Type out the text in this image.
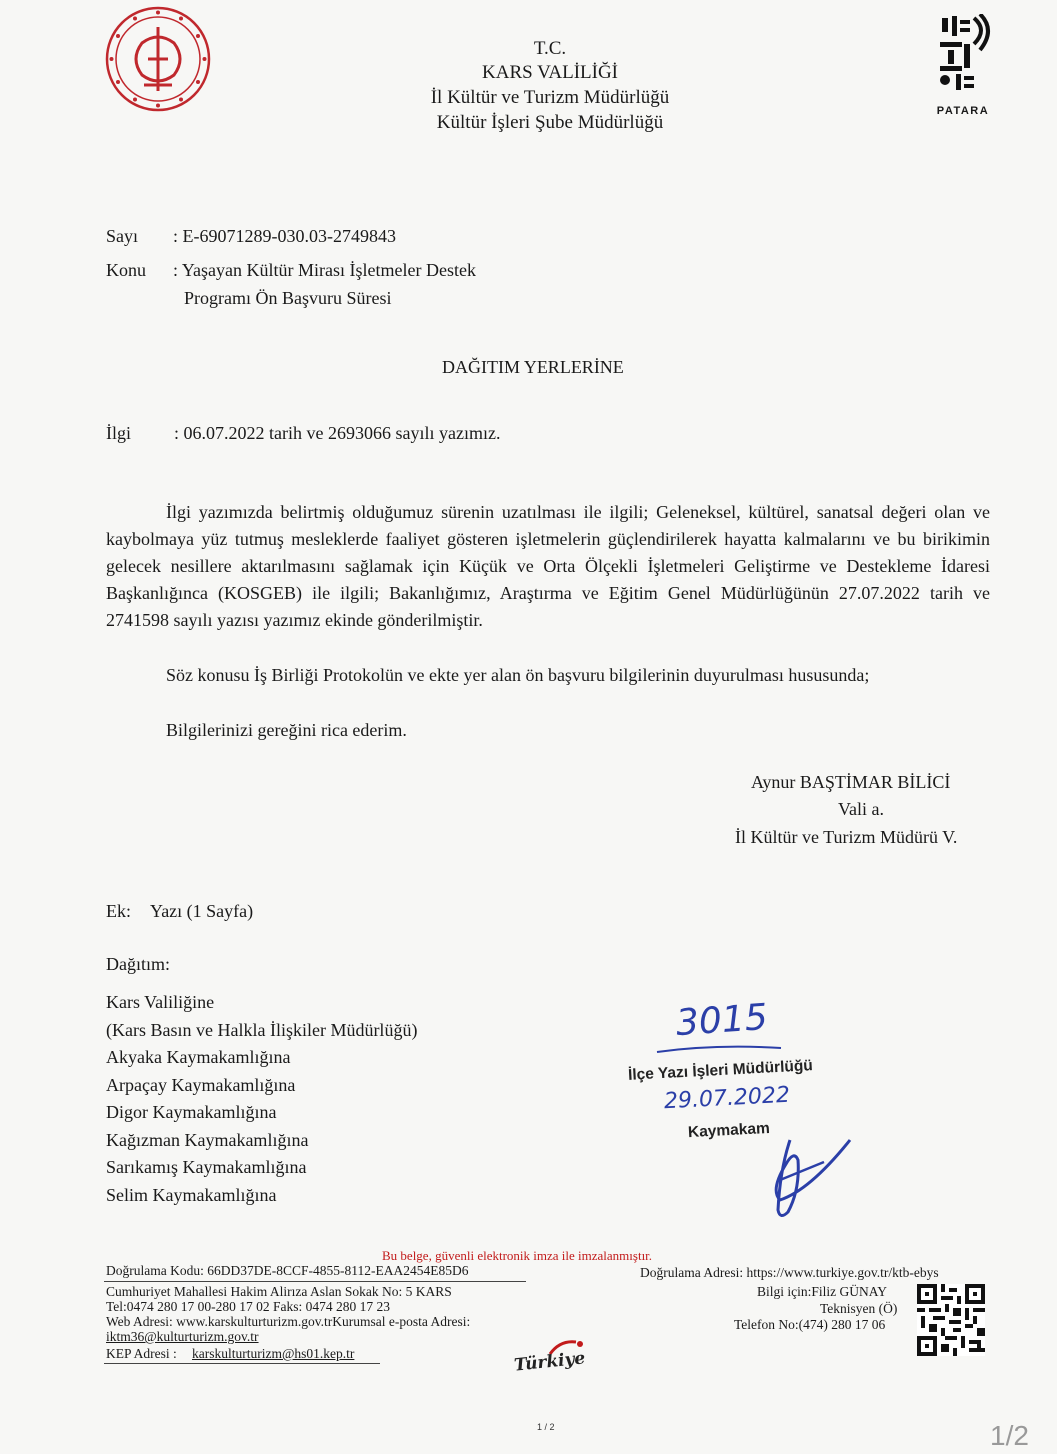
T.C.
KARS VALİLİĞİ
İl Kültür ve Turizm Müdürlüğü
Kültür İşleri Şube Müdürlüğü
PATARA
Sayı : E-69071289-030.03-2749843
Konu : Yaşayan Kültür Mirası İşletmeler Destek
Programı Ön Başvuru Süresi
DAĞITIM YERLERİNE
İlgi : 06.07.2022 tarih ve 2693066 sayılı yazımız.
İlgi yazımızda belirtmiş olduğumuz sürenin uzatılması ile ilgili; Geleneksel, kültürel, sanatsal değeri olan ve kaybolmaya yüz tutmuş mesleklerde faaliyet gösteren işletmelerin güçlendirilerek hayatta kalmalarını ve bu birikimin gelecek nesillere aktarılmasını sağlamak için Küçük ve Orta Ölçekli İşletmeleri Geliştirme ve Destekleme İdaresi Başkanlığınca (KOSGEB) ile ilgili; Bakanlığımız, Araştırma ve Eğitim Genel Müdürlüğünün 27.07.2022 tarih ve 2741598 sayılı yazısı yazımız ekinde gönderilmiştir.
Söz konusu İş Birliği Protokolün ve ekte yer alan ön başvuru bilgilerinin duyurulması hususunda;
Bilgilerinizi gereğini rica ederim.
Aynur BAŞTİMAR BİLİCİ
Vali a.
İl Kültür ve Turizm Müdürü V.
Ek: Yazı (1 Sayfa)
Dağıtım:
Kars Valiliğine
(Kars Basın ve Halkla İlişkiler Müdürlüğü)
Akyaka Kaymakamlığına
Arpaçay Kaymakamlığına
Digor Kaymakamlığına
Kağızman Kaymakamlığına
Sarıkamış Kaymakamlığına
Selim Kaymakamlığına
3015
İlçe Yazı İşleri Müdürlüğü
29.07.2022
Kaymakam
Bu belge, güvenli elektronik imza ile imzalanmıştır.
Doğrulama Kodu: 66DD37DE-8CCF-4855-8112-EAA2454E85D6	Doğrulama Adresi: https://www.turkiye.gov.tr/ktb-ebys
Cumhuriyet Mahallesi Hakim Alirıza Aslan Sokak No: 5 KARS
Tel:0474 280 17 00-280 17 02 Faks: 0474 280 17 23
Web Adresi: www.karskulturturizm.gov.trKurumsal e-posta Adresi:
iktm36@kulturturizm.gov.tr
KEP Adresi : karskulturturizm@hs01.kep.tr
Bilgi için:Filiz GÜNAY
Teknisyen (Ö)
Telefon No:(474) 280 17 06
Türkiye
1 / 2	1/2
